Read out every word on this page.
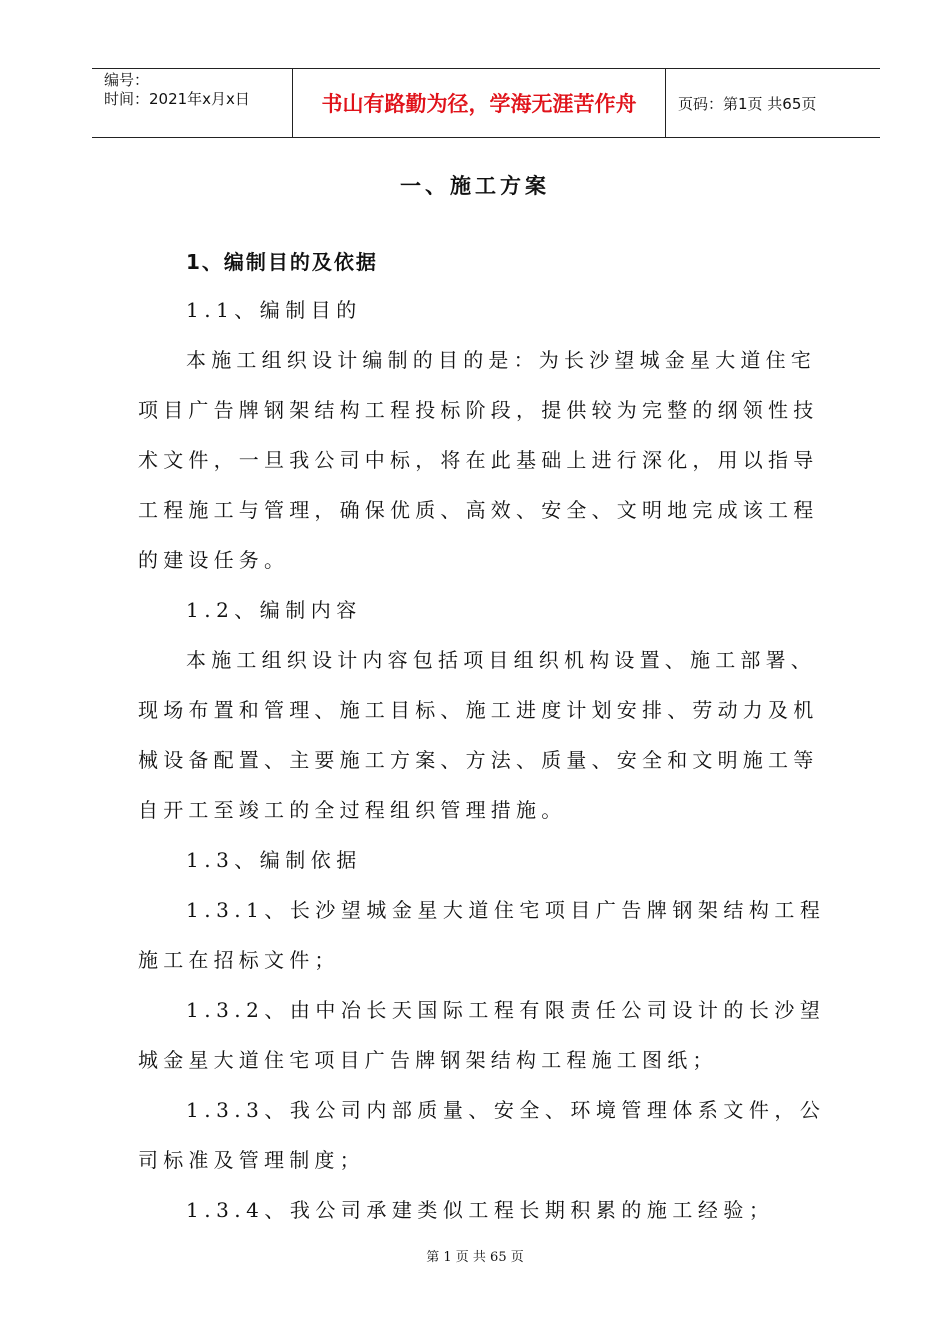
编号：
时间：2021年x月x日	书山有路勤为径，学海无涯苦作舟	页码：第1页 共65页
一、施工方案
1、编制目的及依据
1.1、编制目的
本施工组织设计编制的目的是：为长沙望城金星大道住宅
项目广告牌钢架结构工程投标阶段，提供较为完整的纲领性技
术文件，一旦我公司中标，将在此基础上进行深化，用以指导
工程施工与管理，确保优质、高效、安全、文明地完成该工程
的建设任务。
1.2、编制内容
本施工组织设计内容包括项目组织机构设置、施工部署、
现场布置和管理、施工目标、施工进度计划安排、劳动力及机
械设备配置、主要施工方案、方法、质量、安全和文明施工等
自开工至竣工的全过程组织管理措施。
1.3、编制依据
1.3.1、长沙望城金星大道住宅项目广告牌钢架结构工程
施工在招标文件；
1.3.2、由中冶长天国际工程有限责任公司设计的长沙望
城金星大道住宅项目广告牌钢架结构工程施工图纸；
1.3.3、我公司内部质量、安全、环境管理体系文件，公
司标准及管理制度；
1.3.4、我公司承建类似工程长期积累的施工经验；
第 1 页 共 65 页
